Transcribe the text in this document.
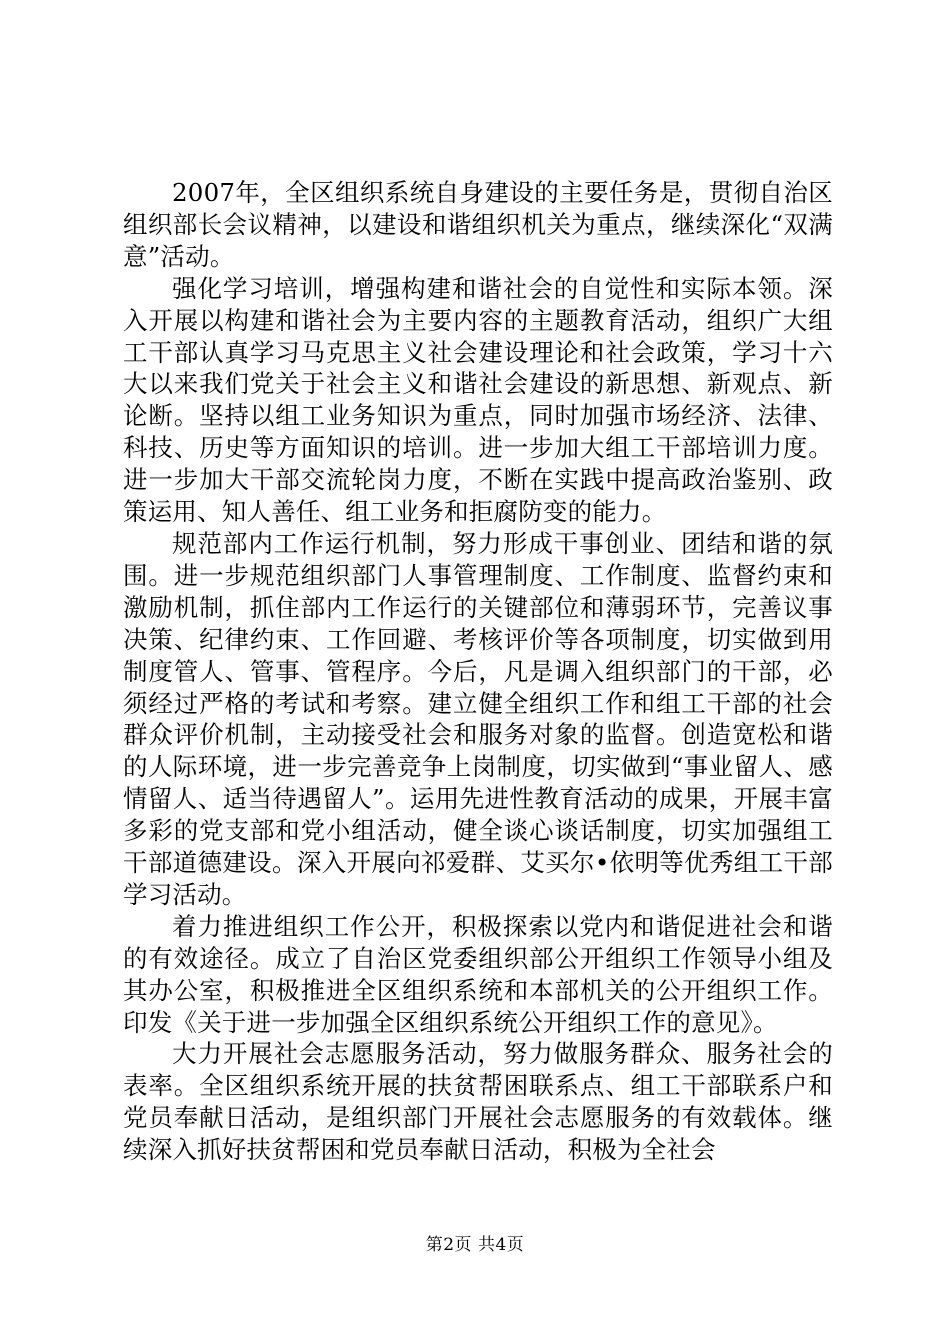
2007年，全区组织系统自身建设的主要任务是，贯彻自治区组织部长会议精神，以建设和谐组织机关为重点，继续深化“双满意”活动。

强化学习培训，增强构建和谐社会的自觉性和实际本领。深入开展以构建和谐社会为主要内容的主题教育活动，组织广大组工干部认真学习马克思主义社会建设理论和社会政策，学习十六大以来我们党关于社会主义和谐社会建设的新思想、新观点、新论断。坚持以组工业务知识为重点，同时加强市场经济、法律、科技、历史等方面知识的培训。进一步加大组工干部培训力度。进一步加大干部交流轮岗力度，不断在实践中提高政治鉴别、政策运用、知人善任、组工业务和拒腐防变的能力。

规范部内工作运行机制，努力形成干事创业、团结和谐的氛围。进一步规范组织部门人事管理制度、工作制度、监督约束和激励机制，抓住部内工作运行的关键部位和薄弱环节，完善议事决策、纪律约束、工作回避、考核评价等各项制度，切实做到用制度管人、管事、管程序。今后，凡是调入组织部门的干部，必须经过严格的考试和考察。建立健全组织工作和组工干部的社会群众评价机制，主动接受社会和服务对象的监督。创造宽松和谐的人际环境，进一步完善竞争上岗制度，切实做到“事业留人、感情留人、适当待遇留人”。运用先进性教育活动的成果，开展丰富多彩的党支部和党小组活动，健全谈心谈话制度，切实加强组工干部道德建设。深入开展向祁爱群、艾买尔•依明等优秀组工干部学习活动。

着力推进组织工作公开，积极探索以党内和谐促进社会和谐的有效途径。成立了自治区党委组织部公开组织工作领导小组及其办公室，积极推进全区组织系统和本部机关的公开组织工作。印发《关于进一步加强全区组织系统公开组织工作的意见》。

大力开展社会志愿服务活动，努力做服务群众、服务社会的表率。全区组织系统开展的扶贫帮困联系点、组工干部联系户和党员奉献日活动，是组织部门开展社会志愿服务的有效载体。继续深入抓好扶贫帮困和党员奉献日活动，积极为全社会

第2页 共4页
